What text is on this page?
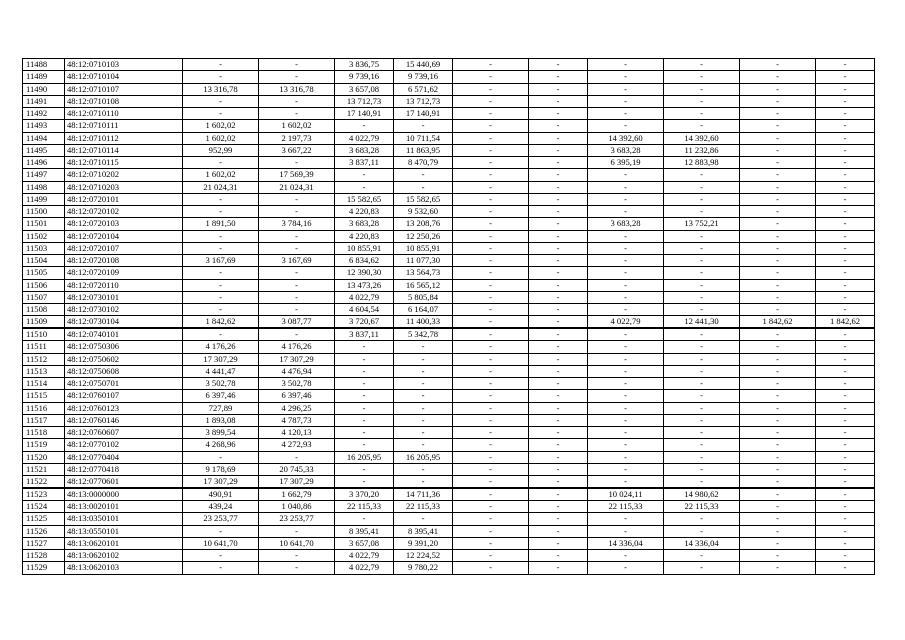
11488	48:12:0710103	-	-	3 836,75	15 440,69	-	-	-	-	-	-
11489	48:12:0710104	-	-	9 739,16	9 739,16	-	-	-	-	-	-
11490	48:12:0710107	13 316,78	13 316,78	3 657,08	6 571,62	-	-	-	-	-	-
11491	48:12:0710108	-	-	13 712,73	13 712,73	-	-	-	-	-	-
11492	48:12:0710110	-	-	17 140,91	17 140,91	-	-	-	-	-	-
11493	48:12:0710111	1 602,02	1 602,02	-	-	-	-	-	-	-	-
11494	48:12:0710112	1 602,02	2 197,73	4 022,79	10 711,54	-	-	14 392,60	14 392,60	-	-
11495	48:12:0710114	952,99	3 667,22	3 683,28	11 863,95	-	-	3 683,28	11 232,86	-	-
11496	48:12:0710115	-	-	3 837,11	8 470,79	-	-	6 395,19	12 883,98	-	-
11497	48:12:0710202	1 602,02	17 569,39	-	-	-	-	-	-	-	-
11498	48:12:0710203	21 024,31	21 024,31	-	-	-	-	-	-	-	-
11499	48:12:0720101	-	-	15 582,65	15 582,65	-	-	-	-	-	-
11500	48:12:0720102	-	-	4 220,83	9 532,60	-	-	-	-	-	-
11501	48:12:0720103	1 891,50	3 784,16	3 683,28	13 208,76	-	-	3 683,28	13 752,21	-	-
11502	48:12:0720104	-	-	4 220,83	12 250,26	-	-	-	-	-	-
11503	48:12:0720107	-	-	10 855,91	10 855,91	-	-	-	-	-	-
11504	48:12:0720108	3 167,69	3 167,69	6 834,62	11 077,30	-	-	-	-	-	-
11505	48:12:0720109	-	-	12 390,30	13 564,73	-	-	-	-	-	-
11506	48:12:0720110	-	-	13 473,26	16 565,12	-	-	-	-	-	-
11507	48:12:0730101	-	-	4 022,79	5 805,84	-	-	-	-	-	-
11508	48:12:0730102	-	-	4 604,54	6 164,07	-	-	-	-	-	-
11509	48:12:0730104	1 842,62	3 087,77	3 720,67	11 400,33	-	-	4 022,79	12 441,30	1 842,62	1 842,62
11510	48:12:0740101	-	-	3 837,11	5 342,78	-	-	-	-	-	-
11511	48:12:0750306	4 176,26	4 176,26	-	-	-	-	-	-	-	-
11512	48:12:0750602	17 307,29	17 307,29	-	-	-	-	-	-	-	-
11513	48:12:0750608	4 441,47	4 476,94	-	-	-	-	-	-	-	-
11514	48:12:0750701	3 502,78	3 502,78	-	-	-	-	-	-	-	-
11515	48:12:0760107	6 397,46	6 397,46	-	-	-	-	-	-	-	-
11516	48:12:0760123	727,89	4 296,25	-	-	-	-	-	-	-	-
11517	48:12:0760146	1 893,08	4 787,73	-	-	-	-	-	-	-	-
11518	48:12:0760607	3 899,54	4 120,13	-	-	-	-	-	-	-	-
11519	48:12:0770102	4 268,96	4 272,93	-	-	-	-	-	-	-	-
11520	48:12:0770404	-	-	16 205,95	16 205,95	-	-	-	-	-	-
11521	48:12:0770418	9 178,69	20 745,33	-	-	-	-	-	-	-	-
11522	48:12:0770601	17 307,29	17 307,29	-	-	-	-	-	-	-	-
11523	48:13:0000000	490,91	1 662,79	3 370,20	14 711,36	-	-	10 024,11	14 980,62	-	-
11524	48:13:0020101	439,24	1 040,86	22 115,33	22 115,33	-	-	22 115,33	22 115,33	-	-
11525	48:13:0350101	23 253,77	23 253,77	-	-	-	-	-	-	-	-
11526	48:13:0550101	-	-	8 395,41	8 395,41	-	-	-	-	-	-
11527	48:13:0620101	10 641,70	10 641,70	3 657,08	9 391,20	-	-	14 336,04	14 336,04	-	-
11528	48:13:0620102	-	-	4 022,79	12 224,52	-	-	-	-	-	-
11529	48:13:0620103	-	-	4 022,79	9 780,22	-	-	-	-	-	-
